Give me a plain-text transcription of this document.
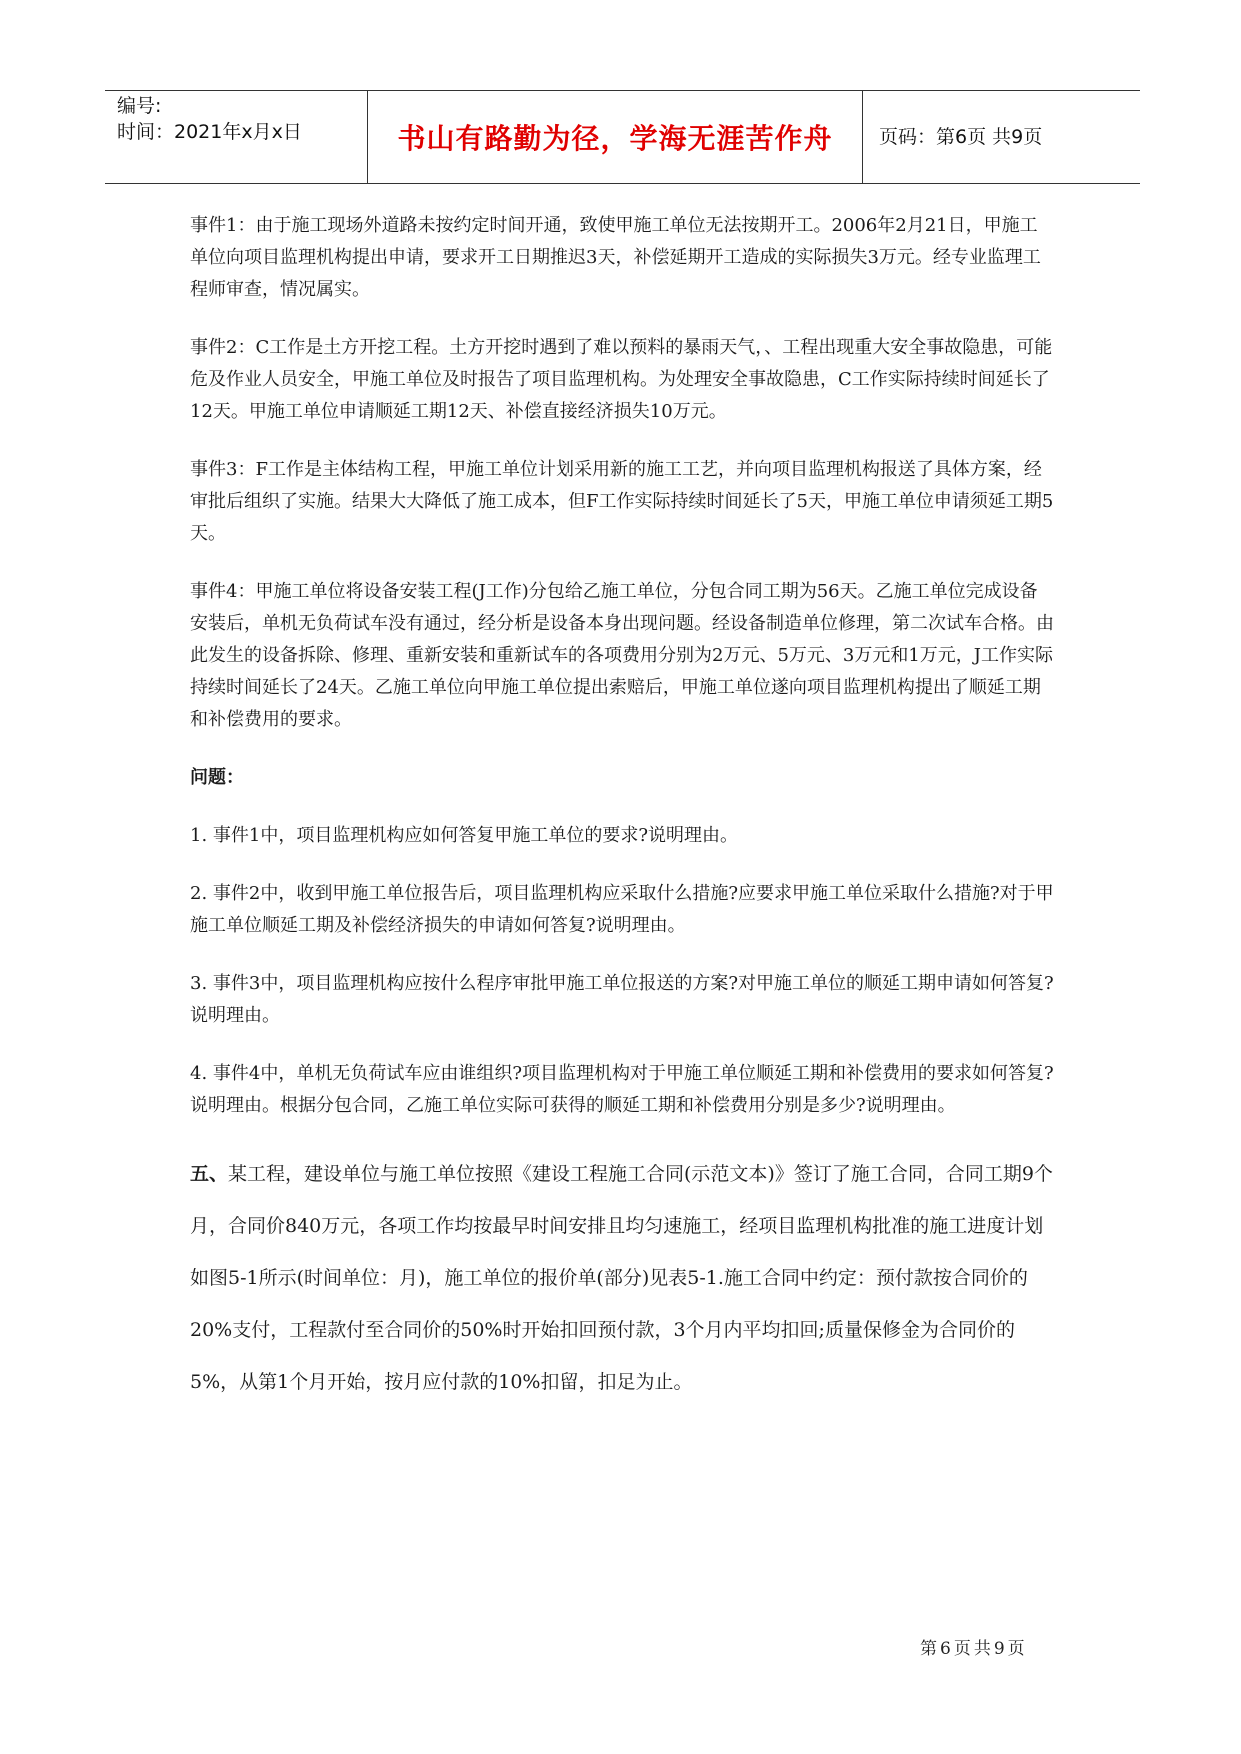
编号:
时间：2021年x月x日	书山有路勤为径，学海无涯苦作舟 页码：第6页 共9页

事件1：由于施工现场外道路未按约定时间开通，致使甲施工单位无法按期开工。2006年2月21日，甲施工单位向项目监理机构提出申请，要求开工日期推迟3天，补偿延期开工造成的实际损失3万元。经专业监理工程师审查，情况属实。

事件2：C工作是土方开挖工程。土方开挖时遇到了难以预料的暴雨天气，、工程出现重大安全事故隐患，可能危及作业人员安全，甲施工单位及时报告了项目监理机构。为处理安全事故隐患，C工作实际持续时间延长了12天。甲施工单位申请顺延工期12天、补偿直接经济损失10万元。

事件3：F工作是主体结构工程，甲施工单位计划采用新的施工工艺，并向项目监理机构报送了具体方案，经审批后组织了实施。结果大大降低了施工成本，但F工作实际持续时间延长了5天，甲施工单位申请须延工期5天。

事件4：甲施工单位将设备安装工程(J工作)分包给乙施工单位，分包合同工期为56天。乙施工单位完成设备安装后，单机无负荷试车没有通过，经分析是设备本身出现问题。经设备制造单位修理，第二次试车合格。由此发生的设备拆除、修理、重新安装和重新试车的各项费用分别为2万元、5万元、3万元和1万元，J工作实际持续时间延长了24天。乙施工单位向甲施工单位提出索赔后，甲施工单位遂向项目监理机构提出了顺延工期和补偿费用的要求。

问题：

1. 事件1中，项目监理机构应如何答复甲施工单位的要求?说明理由。

2. 事件2中，收到甲施工单位报告后，项目监理机构应采取什么措施?应要求甲施工单位采取什么措施?对于甲施工单位顺延工期及补偿经济损失的申请如何答复?说明理由。

3. 事件3中，项目监理机构应按什么程序审批甲施工单位报送的方案?对甲施工单位的顺延工期申请如何答复?说明理由。

4. 事件4中，单机无负荷试车应由谁组织?项目监理机构对于甲施工单位顺延工期和补偿费用的要求如何答复?说明理由。根据分包合同，乙施工单位实际可获得的顺延工期和补偿费用分别是多少?说明理由。

五、某工程，建设单位与施工单位按照《建设工程施工合同(示范文本)》签订了施工合同，合同工期9个月，合同价840万元，各项工作均按最早时间安排且均匀速施工，经项目监理机构批准的施工进度计划如图5-1所示(时间单位：月)，施工单位的报价单(部分)见表5-1.施工合同中约定：预付款按合同价的20%支付，工程款付至合同价的50%时开始扣回预付款，3个月内平均扣回;质量保修金为合同价的5%，从第1个月开始，按月应付款的10%扣留，扣足为止。

第6页共9页
